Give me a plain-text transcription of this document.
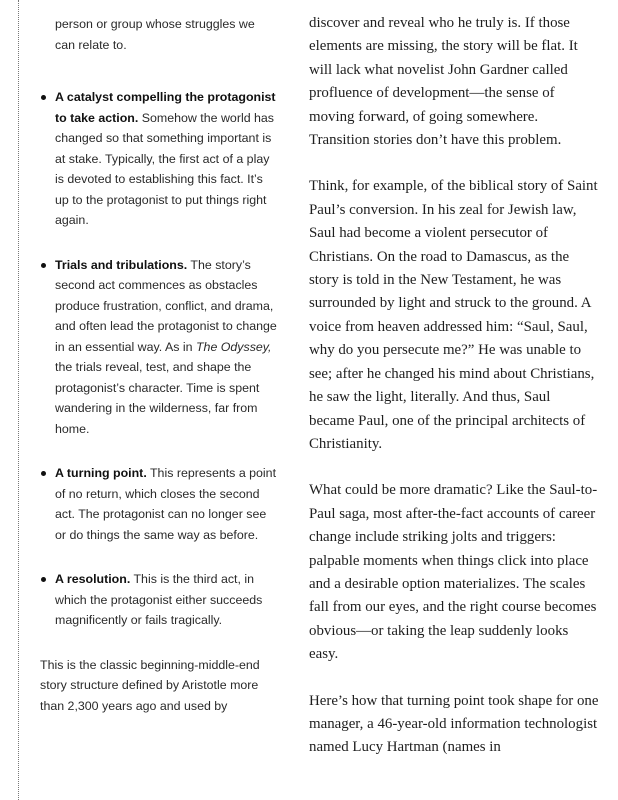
person or group whose struggles we can relate to.

A catalyst compelling the protagonist to take action. Somehow the world has changed so that something important is at stake. Typically, the first act of a play is devoted to establishing this fact. It’s up to the protagonist to put things right again.
Trials and tribulations. The story’s second act commences as obstacles produce frustration, conflict, and drama, and often lead the protagonist to change in an essential way. As in The Odyssey, the trials reveal, test, and shape the protagonist’s character. Time is spent wandering in the wilderness, far from home.
A turning point. This represents a point of no return, which closes the second act. The protagonist can no longer see or do things the same way as before.
A resolution. This is the third act, in which the protagonist either succeeds magnificently or fails tragically.

This is the classic beginning-middle-end story structure defined by Aristotle more than 2,300 years ago and used by

discover and reveal who he truly is. If those elements are missing, the story will be flat. It will lack what novelist John Gardner called profluence of development—the sense of moving forward, of going somewhere. Transition stories don’t have this problem.

Think, for example, of the biblical story of Saint Paul’s conversion. In his zeal for Jewish law, Saul had become a violent persecutor of Christians. On the road to Damascus, as the story is told in the New Testament, he was surrounded by light and struck to the ground. A voice from heaven addressed him: “Saul, Saul, why do you persecute me?” He was unable to see; after he changed his mind about Christians, he saw the light, literally. And thus, Saul became Paul, one of the principal architects of Christianity.

What could be more dramatic? Like the Saul-to-Paul saga, most after-the-fact accounts of career change include striking jolts and triggers: palpable moments when things click into place and a desirable option materializes. The scales fall from our eyes, and the right course becomes obvious—or taking the leap suddenly looks easy.

Here’s how that turning point took shape for one manager, a 46-year-old information technologist named Lucy Hartman (names in
